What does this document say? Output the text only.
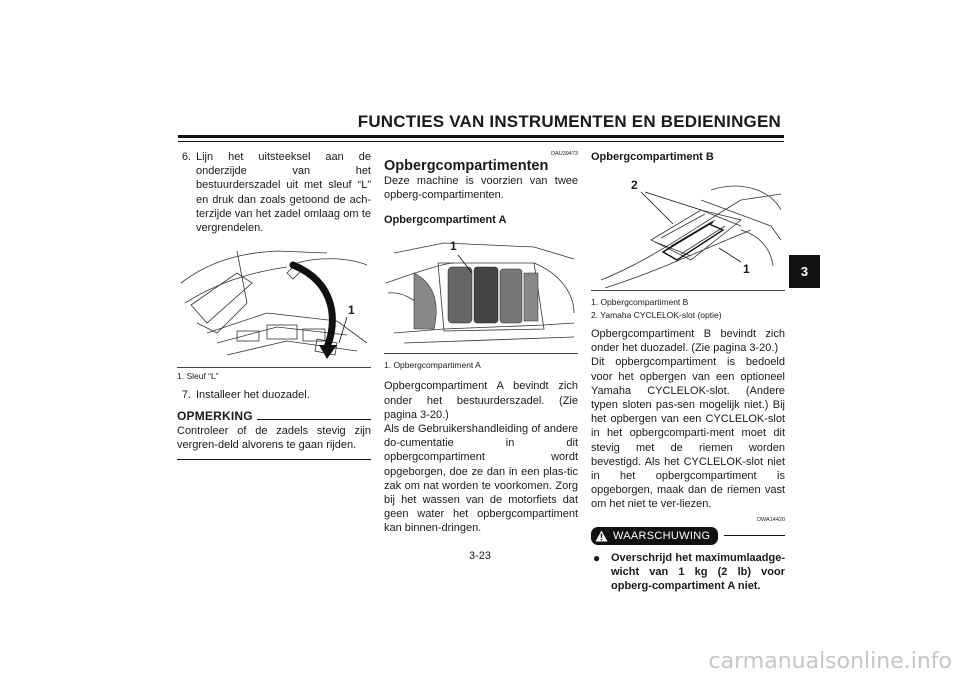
FUNCTIES VAN INSTRUMENTEN EN BEDIENINGEN
3
6. Lijn het uitsteeksel aan de onderzijde van het bestuurderszadel uit met sleuf “L” en druk dan zoals getoond de ach-terzijde van het zadel omlaag om te vergrendelen.
1
1. Sleuf “L”
7. Installeer het duozadel.
OPMERKING
Controleer of de zadels stevig zijn vergren-deld alvorens te gaan rijden.
DAU39473
Opbergcompartimenten
Deze machine is voorzien van twee opberg-compartimenten.
Opbergcompartiment A
1
1. Opbergcompartiment A
Opbergcompartiment A bevindt zich onder het bestuurderszadel. (Zie pagina 3-20.)
Als de Gebruikershandleiding of andere do-cumentatie in dit opbergcompartiment wordt opgeborgen, doe ze dan in een plas-tic zak om nat worden te voorkomen. Zorg bij het wassen van de motorfiets dat geen water het opbergcompartiment kan binnen-dringen.
Opbergcompartiment B
2
1
1. Opbergcompartiment B
2. Yamaha CYCLELOK-slot (optie)
Opbergcompartiment B bevindt zich onder het duozadel. (Zie pagina 3-20.)
Dit opbergcompartiment is bedoeld voor het opbergen van een optioneel Yamaha CYCLELOK-slot. (Andere typen sloten pas-sen mogelijk niet.) Bij het opbergen van een CYCLELOK-slot in het opbergcomparti-ment moet dit stevig met de riemen worden bevestigd. Als het CYCLELOK-slot niet in het opbergcompartiment is opgeborgen, maak dan de riemen vast om het niet te ver-liezen.
DWA14420
WAARSCHUWING
● Overschrijd het maximumlaadge-wicht van 1 kg (2 lb) voor opberg-compartiment A niet.
3-23
carmanualsonline.info
